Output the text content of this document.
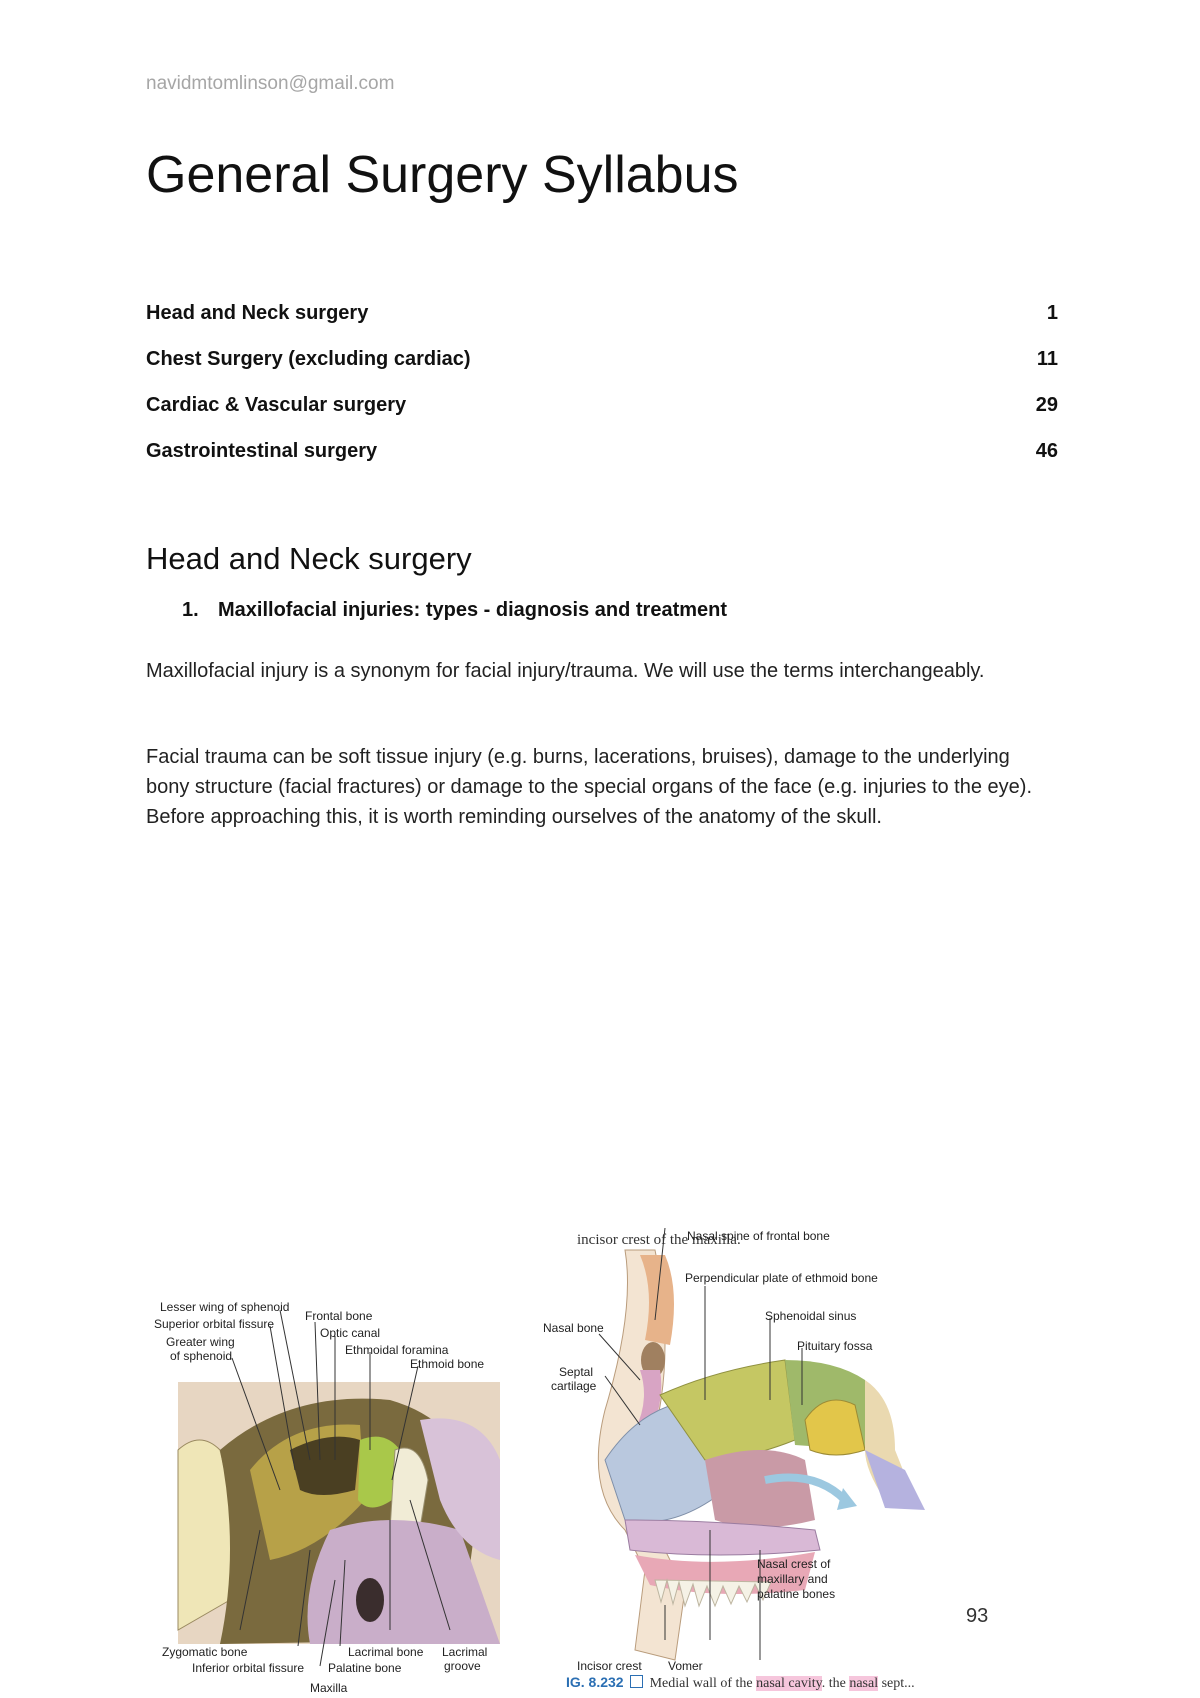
navidmtomlinson@gmail.com
General Surgery Syllabus
Head and Neck surgery	1
Chest Surgery (excluding cardiac)	11
Cardiac & Vascular surgery	29
Gastrointestinal surgery	46
Head and Neck surgery
1. Maxillofacial injuries: types - diagnosis and treatment

Maxillofacial injury is a synonym for facial injury/trauma. We will use the terms interchangeably.

Facial trauma can be soft tissue injury (e.g. burns, lacerations, bruises), damage to the underlying bony structure (facial fractures) or damage to the special organs of the face (e.g. injuries to the eye). Before approaching this, it is worth reminding ourselves of the anatomy of the skull.

Lesser wing of sphenoid
Superior orbital fissure
Greater wing
of sphenoid
Frontal bone
Optic canal
Ethmoidal foramina
Ethmoid bone
Zygomatic bone
Inferior orbital fissure
Lacrimal bone
Palatine bone
Lacrimal
groove
Maxilla
incisor crest of the maxilla.
Nasal spine of frontal bone
Perpendicular plate of ethmoid bone
Nasal bone
Sphenoidal sinus
Pituitary fossa
Septal
cartilage
Nasal crest of
maxillary and
palatine bones
Incisor crest Vomer
IG. 8.232  Medial wall of the nasal cavity. the nasal sept...
93
